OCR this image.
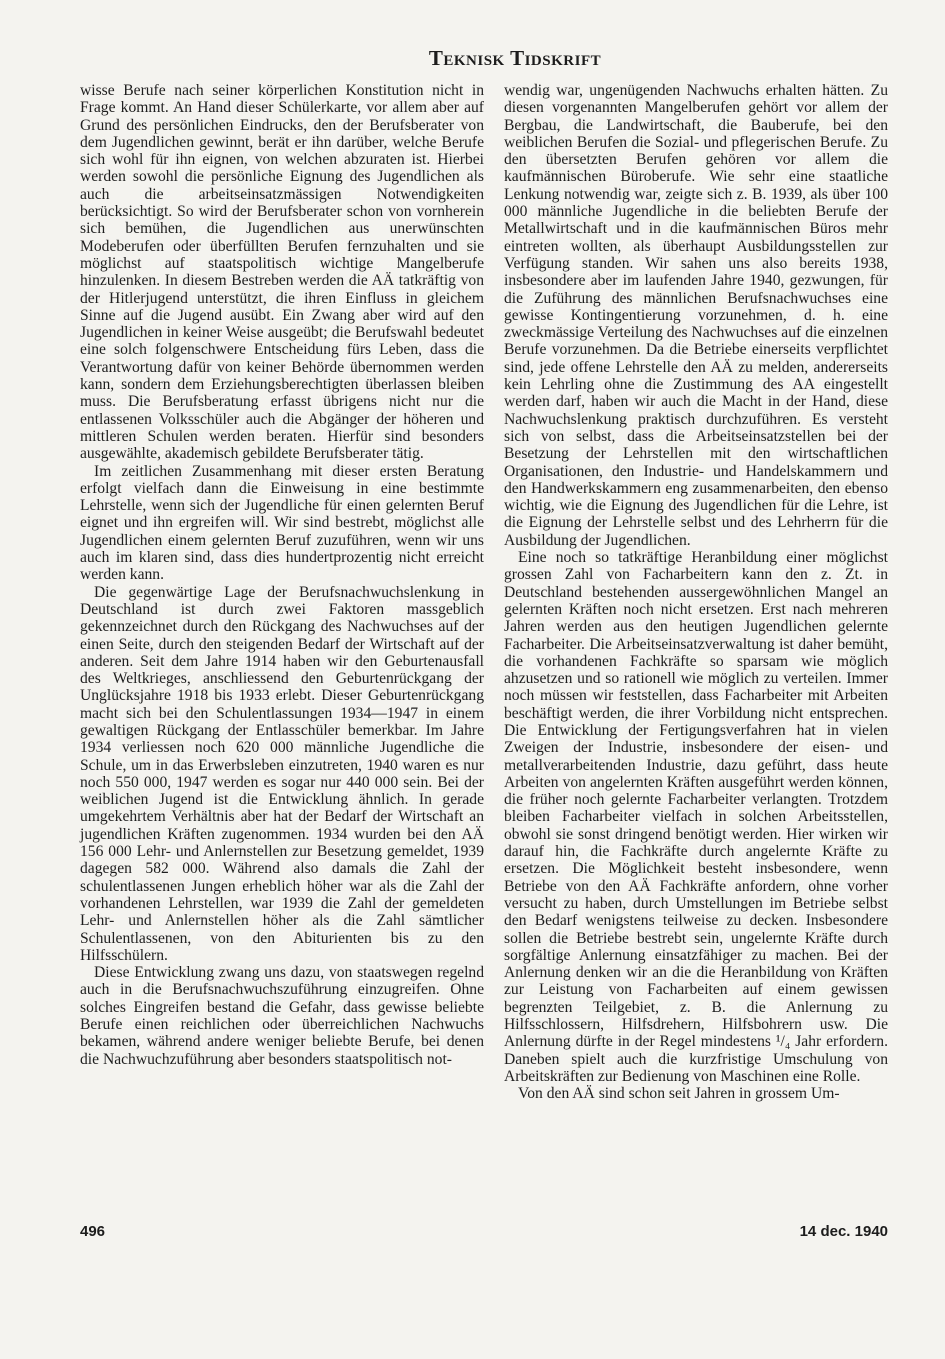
Teknisk Tidskrift

wisse Berufe nach seiner körperlichen Konstitution nicht in Frage kommt. An Hand dieser Schülerkarte, vor allem aber auf Grund des persönlichen Eindrucks, den der Berufsberater von dem Jugendlichen gewinnt, berät er ihn darüber, welche Berufe sich wohl für ihn eignen, von welchen abzuraten ist. Hierbei werden sowohl die persönliche Eignung des Jugendlichen als auch die arbeitseinsatzmässigen Notwendigkeiten berücksichtigt. So wird der Berufsberater schon von vornherein sich bemühen, die Jugendlichen aus unerwünschten Modeberufen oder überfüllten Berufen fernzuhalten und sie möglichst auf staatspolitisch wichtige Mangelberufe hinzulenken. In diesem Bestreben werden die AÄ tatkräftig von der Hitlerjugend unterstützt, die ihren Einfluss in gleichem Sinne auf die Jugend ausübt. Ein Zwang aber wird auf den Jugendlichen in keiner Weise ausgeübt; die Berufswahl bedeutet eine solch folgenschwere Entscheidung fürs Leben, dass die Verantwortung dafür von keiner Behörde übernommen werden kann, sondern dem Erziehungsberechtigten überlassen bleiben muss. Die Berufsberatung erfasst übrigens nicht nur die entlassenen Volksschüler auch die Abgänger der höheren und mittleren Schulen werden beraten. Hierfür sind besonders ausgewählte, akademisch gebildete Berufsberater tätig.

Im zeitlichen Zusammenhang mit dieser ersten Beratung erfolgt vielfach dann die Einweisung in eine bestimmte Lehrstelle, wenn sich der Jugendliche für einen gelernten Beruf eignet und ihn ergreifen will. Wir sind bestrebt, möglichst alle Jugendlichen einem gelernten Beruf zuzuführen, wenn wir uns auch im klaren sind, dass dies hundertprozentig nicht erreicht werden kann.

Die gegenwärtige Lage der Berufsnachwuchslenkung in Deutschland ist durch zwei Faktoren massgeblich gekennzeichnet durch den Rückgang des Nachwuchses auf der einen Seite, durch den steigenden Bedarf der Wirtschaft auf der anderen. Seit dem Jahre 1914 haben wir den Geburtenausfall des Weltkrieges, anschliessend den Geburtenrückgang der Unglücksjahre 1918 bis 1933 erlebt. Dieser Geburtenrückgang macht sich bei den Schulentlassungen 1934—1947 in einem gewaltigen Rückgang der Entlasschüler bemerkbar. Im Jahre 1934 verliessen noch 620 000 männliche Jugendliche die Schule, um in das Erwerbsleben einzutreten, 1940 waren es nur noch 550 000, 1947 werden es sogar nur 440 000 sein. Bei der weiblichen Jugend ist die Entwicklung ähnlich. In gerade umgekehrtem Verhältnis aber hat der Bedarf der Wirtschaft an jugendlichen Kräften zugenommen. 1934 wurden bei den AÄ 156 000 Lehr- und Anlernstellen zur Besetzung gemeldet, 1939 dagegen 582 000. Während also damals die Zahl der schulentlassenen Jungen erheblich höher war als die Zahl der vorhandenen Lehrstellen, war 1939 die Zahl der gemeldeten Lehr- und Anlernstellen höher als die Zahl sämtlicher Schulentlassenen, von den Abiturienten bis zu den Hilfsschülern.

Diese Entwicklung zwang uns dazu, von staatswegen regelnd auch in die Berufsnachwuchszuführung einzugreifen. Ohne solches Eingreifen bestand die Gefahr, dass gewisse beliebte Berufe einen reichlichen oder überreichlichen Nachwuchs bekamen, während andere weniger beliebte Berufe, bei denen die Nachwuchzuführung aber besonders staatspolitisch not-

wendig war, ungenügenden Nachwuchs erhalten hätten. Zu diesen vorgenannten Mangelberufen gehört vor allem der Bergbau, die Landwirtschaft, die Bauberufe, bei den weiblichen Berufen die Sozial- und pflegerischen Berufe. Zu den übersetzten Berufen gehören vor allem die kaufmännischen Büroberufe. Wie sehr eine staatliche Lenkung notwendig war, zeigte sich z. B. 1939, als über 100 000 männliche Jugendliche in die beliebten Berufe der Metallwirtschaft und in die kaufmännischen Büros mehr eintreten wollten, als überhaupt Ausbildungsstellen zur Verfügung standen. Wir sahen uns also bereits 1938, insbesondere aber im laufenden Jahre 1940, gezwungen, für die Zuführung des männlichen Berufsnachwuchses eine gewisse Kontingentierung vorzunehmen, d. h. eine zweckmässige Verteilung des Nachwuchses auf die einzelnen Berufe vorzunehmen. Da die Betriebe einerseits verpflichtet sind, jede offene Lehrstelle den AÄ zu melden, andererseits kein Lehrling ohne die Zustimmung des AA eingestellt werden darf, haben wir auch die Macht in der Hand, diese Nachwuchslenkung praktisch durchzuführen. Es versteht sich von selbst, dass die Arbeitseinsatzstellen bei der Besetzung der Lehrstellen mit den wirtschaftlichen Organisationen, den Industrie- und Handelskammern und den Handwerkskammern eng zusammenarbeiten, den ebenso wichtig, wie die Eignung des Jugendlichen für die Lehre, ist die Eignung der Lehrstelle selbst und des Lehrherrn für die Ausbildung der Jugendlichen.

Eine noch so tatkräftige Heranbildung einer möglichst grossen Zahl von Facharbeitern kann den z. Zt. in Deutschland bestehenden aussergewöhnlichen Mangel an gelernten Kräften noch nicht ersetzen. Erst nach mehreren Jahren werden aus den heutigen Jugendlichen gelernte Facharbeiter. Die Arbeitseinsatzverwaltung ist daher bemüht, die vorhandenen Fachkräfte so sparsam wie möglich ahzusetzen und so rationell wie möglich zu verteilen. Immer noch müssen wir feststellen, dass Facharbeiter mit Arbeiten beschäftigt werden, die ihrer Vorbildung nicht entsprechen. Die Entwicklung der Fertigungsverfahren hat in vielen Zweigen der Industrie, insbesondere der eisen- und metallverarbeitenden Industrie, dazu geführt, dass heute Arbeiten von angelernten Kräften ausgeführt werden können, die früher noch gelernte Facharbeiter verlangten. Trotzdem bleiben Facharbeiter vielfach in solchen Arbeitsstellen, obwohl sie sonst dringend benötigt werden. Hier wirken wir darauf hin, die Fachkräfte durch angelernte Kräfte zu ersetzen. Die Möglichkeit besteht insbesondere, wenn Betriebe von den AÄ Fachkräfte anfordern, ohne vorher versucht zu haben, durch Umstellungen im Betriebe selbst den Bedarf wenigstens teilweise zu decken. Insbesondere sollen die Betriebe bestrebt sein, ungelernte Kräfte durch sorgfältige Anlernung einsatzfähiger zu machen. Bei der Anlernung denken wir an die die Heranbildung von Kräften zur Leistung von Facharbeiten auf einem gewissen begrenzten Teilgebiet, z. B. die Anlernung zu Hilfsschlossern, Hilfsdrehern, Hilfsbohrern usw. Die Anlernung dürfte in der Regel mindestens ¹/₄ Jahr erfordern. Daneben spielt auch die kurzfristige Umschulung von Arbeitskräften zur Bedienung von Maschinen eine Rolle.

Von den AÄ sind schon seit Jahren in grossem Um-

496	14 dec. 1940
